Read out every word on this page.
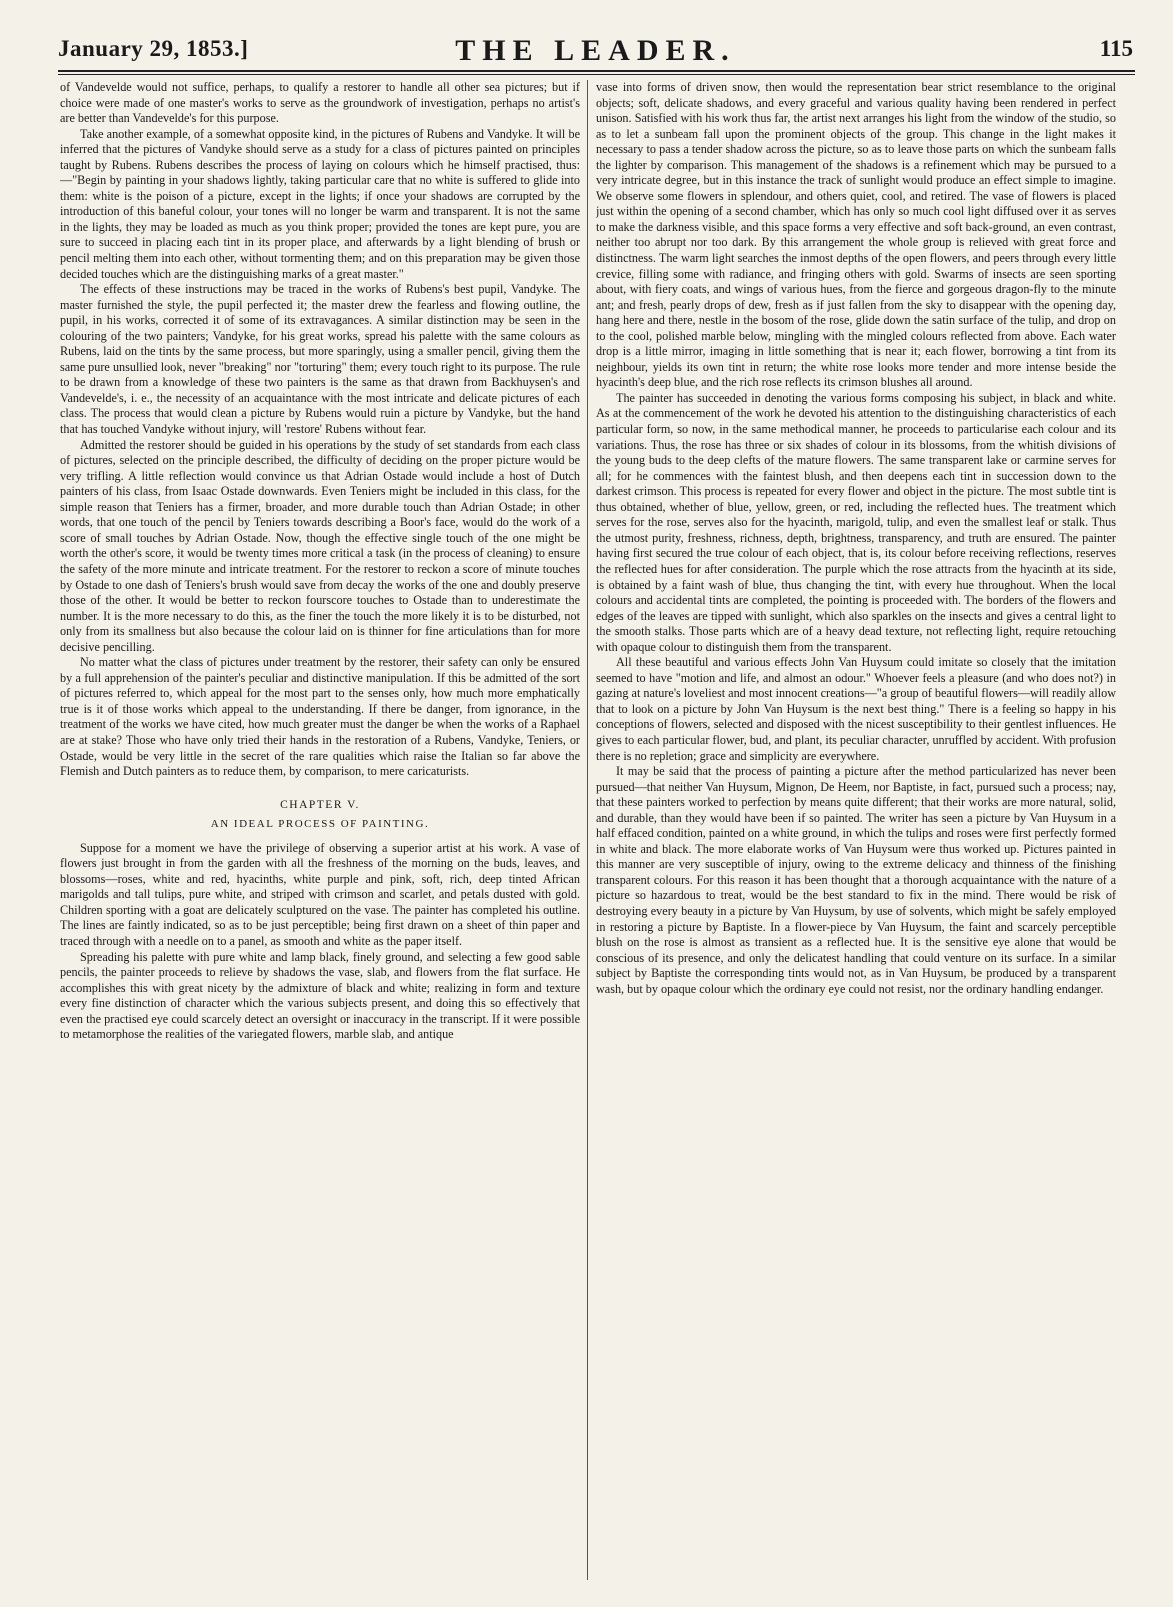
January 29, 1853.]	THE LEADER.	115

of Vandevelde would not suffice, perhaps, to qualify a restorer to handle all other sea pictures; but if choice were made of one master's works to serve as the groundwork of investigation, perhaps no artist's are better than Vandevelde's for this purpose.

Take another example, of a somewhat opposite kind, in the pictures of Rubens and Vandyke. It will be inferred that the pictures of Vandyke should serve as a study for a class of pictures painted on principles taught by Rubens. Rubens describes the process of laying on colours which he himself practised, thus:—"Begin by painting in your shadows lightly, taking particular care that no white is suffered to glide into them: white is the poison of a picture, except in the lights; if once your shadows are corrupted by the introduction of this baneful colour, your tones will no longer be warm and transparent. It is not the same in the lights, they may be loaded as much as you think proper; provided the tones are kept pure, you are sure to succeed in placing each tint in its proper place, and afterwards by a light blending of brush or pencil melting them into each other, without tormenting them; and on this preparation may be given those decided touches which are the distinguishing marks of a great master."

The effects of these instructions may be traced in the works of Rubens's best pupil, Vandyke. The master furnished the style, the pupil perfected it; the master drew the fearless and flowing outline, the pupil, in his works, corrected it of some of its extravagances. A similar distinction may be seen in the colouring of the two painters; Vandyke, for his great works, spread his palette with the same colours as Rubens, laid on the tints by the same process, but more sparingly, using a smaller pencil, giving them the same pure unsullied look, never "breaking" nor "torturing" them; every touch right to its purpose. The rule to be drawn from a knowledge of these two painters is the same as that drawn from Backhuysen's and Vandevelde's, i. e., the necessity of an acquaintance with the most intricate and delicate pictures of each class. The process that would clean a picture by Rubens would ruin a picture by Vandyke, but the hand that has touched Vandyke without injury, will 'restore' Rubens without fear.

Admitted the restorer should be guided in his operations by the study of set standards from each class of pictures, selected on the principle described, the difficulty of deciding on the proper picture would be very trifling. A little reflection would convince us that Adrian Ostade would include a host of Dutch painters of his class, from Isaac Ostade downwards. Even Teniers might be included in this class, for the simple reason that Teniers has a firmer, broader, and more durable touch than Adrian Ostade; in other words, that one touch of the pencil by Teniers towards describing a Boor's face, would do the work of a score of small touches by Adrian Ostade. Now, though the effective single touch of the one might be worth the other's score, it would be twenty times more critical a task (in the process of cleaning) to ensure the safety of the more minute and intricate treatment. For the restorer to reckon a score of minute touches by Ostade to one dash of Teniers's brush would save from decay the works of the one and doubly preserve those of the other. It would be better to reckon fourscore touches to Ostade than to underestimate the number. It is the more necessary to do this, as the finer the touch the more likely it is to be disturbed, not only from its smallness but also because the colour laid on is thinner for fine articulations than for more decisive pencilling.

No matter what the class of pictures under treatment by the restorer, their safety can only be ensured by a full apprehension of the painter's peculiar and distinctive manipulation. If this be admitted of the sort of pictures referred to, which appeal for the most part to the senses only, how much more emphatically true is it of those works which appeal to the understanding. If there be danger, from ignorance, in the treatment of the works we have cited, how much greater must the danger be when the works of a Raphael are at stake? Those who have only tried their hands in the restoration of a Rubens, Vandyke, Teniers, or Ostade, would be very little in the secret of the rare qualities which raise the Italian so far above the Flemish and Dutch painters as to reduce them, by comparison, to mere caricaturists.

CHAPTER V.

AN IDEAL PROCESS OF PAINTING.

Suppose for a moment we have the privilege of observing a superior artist at his work. A vase of flowers just brought in from the garden with all the freshness of the morning on the buds, leaves, and blossoms—roses, white and red, hyacinths, white purple and pink, soft, rich, deep tinted African marigolds and tall tulips, pure white, and striped with crimson and scarlet, and petals dusted with gold. Children sporting with a goat are delicately sculptured on the vase. The painter has completed his outline. The lines are faintly indicated, so as to be just perceptible; being first drawn on a sheet of thin paper and traced through with a needle on to a panel, as smooth and white as the paper itself.

Spreading his palette with pure white and lamp black, finely ground, and selecting a few good sable pencils, the painter proceeds to relieve by shadows the vase, slab, and flowers from the flat surface. He accomplishes this with great nicety by the admixture of black and white; realizing in form and texture every fine distinction of character which the various subjects present, and doing this so effectively that even the practised eye could scarcely detect an oversight or inaccuracy in the transcript. If it were possible to metamorphose the realities of the variegated flowers, marble slab, and antique

vase into forms of driven snow, then would the representation bear strict resemblance to the original objects; soft, delicate shadows, and every graceful and various quality having been rendered in perfect unison. Satisfied with his work thus far, the artist next arranges his light from the window of the studio, so as to let a sunbeam fall upon the prominent objects of the group. This change in the light makes it necessary to pass a tender shadow across the picture, so as to leave those parts on which the sunbeam falls the lighter by comparison. This management of the shadows is a refinement which may be pursued to a very intricate degree, but in this instance the track of sunlight would produce an effect simple to imagine. We observe some flowers in splendour, and others quiet, cool, and retired. The vase of flowers is placed just within the opening of a second chamber, which has only so much cool light diffused over it as serves to make the darkness visible, and this space forms a very effective and soft back-ground, an even contrast, neither too abrupt nor too dark. By this arrangement the whole group is relieved with great force and distinctness. The warm light searches the inmost depths of the open flowers, and peers through every little crevice, filling some with radiance, and fringing others with gold. Swarms of insects are seen sporting about, with fiery coats, and wings of various hues, from the fierce and gorgeous dragon-fly to the minute ant; and fresh, pearly drops of dew, fresh as if just fallen from the sky to disappear with the opening day, hang here and there, nestle in the bosom of the rose, glide down the satin surface of the tulip, and drop on to the cool, polished marble below, mingling with the mingled colours reflected from above. Each water drop is a little mirror, imaging in little something that is near it; each flower, borrowing a tint from its neighbour, yields its own tint in return; the white rose looks more tender and more intense beside the hyacinth's deep blue, and the rich rose reflects its crimson blushes all around.

The painter has succeeded in denoting the various forms composing his subject, in black and white. As at the commencement of the work he devoted his attention to the distinguishing characteristics of each particular form, so now, in the same methodical manner, he proceeds to particularise each colour and its variations. Thus, the rose has three or six shades of colour in its blossoms, from the whitish divisions of the young buds to the deep clefts of the mature flowers. The same transparent lake or carmine serves for all; for he commences with the faintest blush, and then deepens each tint in succession down to the darkest crimson. This process is repeated for every flower and object in the picture. The most subtle tint is thus obtained, whether of blue, yellow, green, or red, including the reflected hues. The treatment which serves for the rose, serves also for the hyacinth, marigold, tulip, and even the smallest leaf or stalk. Thus the utmost purity, freshness, richness, depth, brightness, transparency, and truth are ensured. The painter having first secured the true colour of each object, that is, its colour before receiving reflections, reserves the reflected hues for after consideration. The purple which the rose attracts from the hyacinth at its side, is obtained by a faint wash of blue, thus changing the tint, with every hue throughout. When the local colours and accidental tints are completed, the pointing is proceeded with. The borders of the flowers and edges of the leaves are tipped with sunlight, which also sparkles on the insects and gives a central light to the smooth stalks. Those parts which are of a heavy dead texture, not reflecting light, require retouching with opaque colour to distinguish them from the transparent.

All these beautiful and various effects John Van Huysum could imitate so closely that the imitation seemed to have "motion and life, and almost an odour." Whoever feels a pleasure (and who does not?) in gazing at nature's loveliest and most innocent creations—"a group of beautiful flowers—will readily allow that to look on a picture by John Van Huysum is the next best thing." There is a feeling so happy in his conceptions of flowers, selected and disposed with the nicest susceptibility to their gentlest influences. He gives to each particular flower, bud, and plant, its peculiar character, unruffled by accident. With profusion there is no repletion; grace and simplicity are everywhere.

It may be said that the process of painting a picture after the method particularized has never been pursued—that neither Van Huysum, Mignon, De Heem, nor Baptiste, in fact, pursued such a process; nay, that these painters worked to perfection by means quite different; that their works are more natural, solid, and durable, than they would have been if so painted. The writer has seen a picture by Van Huysum in a half effaced condition, painted on a white ground, in which the tulips and roses were first perfectly formed in white and black. The more elaborate works of Van Huysum were thus worked up. Pictures painted in this manner are very susceptible of injury, owing to the extreme delicacy and thinness of the finishing transparent colours. For this reason it has been thought that a thorough acquaintance with the nature of a picture so hazardous to treat, would be the best standard to fix in the mind. There would be risk of destroying every beauty in a picture by Van Huysum, by use of solvents, which might be safely employed in restoring a picture by Baptiste. In a flower-piece by Van Huysum, the faint and scarcely perceptible blush on the rose is almost as transient as a reflected hue. It is the sensitive eye alone that would be conscious of its presence, and only the delicatest handling that could venture on its surface. In a similar subject by Baptiste the corresponding tints would not, as in Van Huysum, be produced by a transparent wash, but by opaque colour which the ordinary eye could not resist, nor the ordinary handling endanger.
